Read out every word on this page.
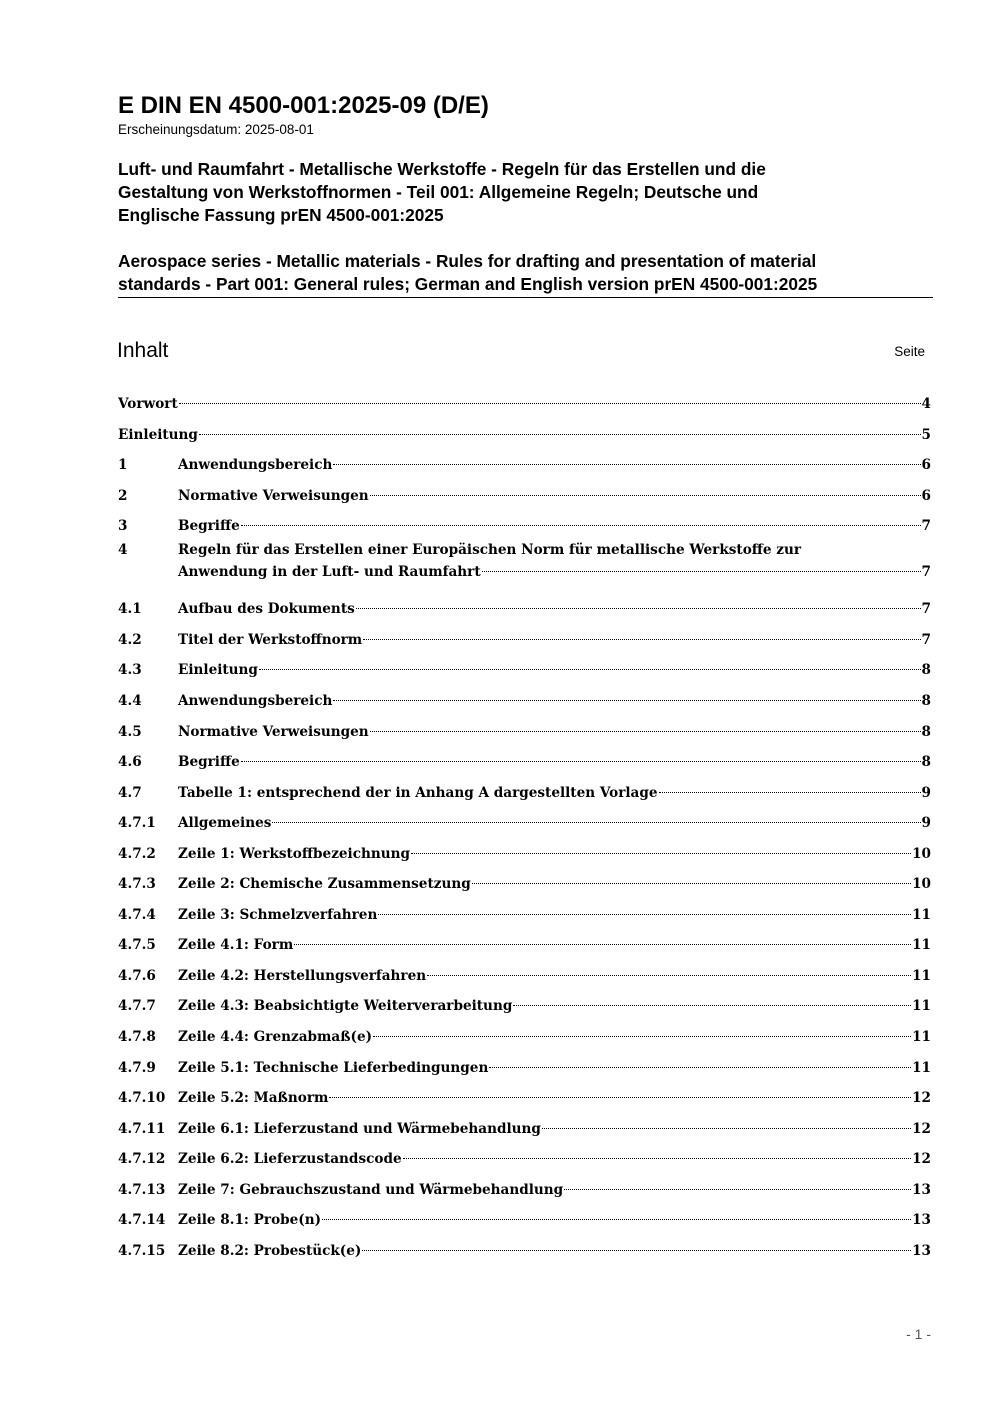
E DIN EN 4500-001:2025-09 (D/E)
Erscheinungsdatum: 2025-08-01
Luft- und Raumfahrt - Metallische Werkstoffe - Regeln für das Erstellen und die
Gestaltung von Werkstoffnormen - Teil 001: Allgemeine Regeln; Deutsche und
Englische Fassung prEN 4500-001:2025
Aerospace series - Metallic materials - Rules for drafting and presentation of material
standards - Part 001: General rules; German and English version prEN 4500-001:2025
Inhalt	Seite
Vorwort	4
Einleitung	5
1	Anwendungsbereich	6
2	Normative Verweisungen	6
3	Begriffe	7
4	Regeln für das Erstellen einer Europäischen Norm für metallische Werkstoffe zur
Anwendung in der Luft- und Raumfahrt	7
4.1	Aufbau des Dokuments	7
4.2	Titel der Werkstoffnorm	7
4.3	Einleitung	8
4.4	Anwendungsbereich	8
4.5	Normative Verweisungen	8
4.6	Begriffe	8
4.7	Tabelle 1: entsprechend der in Anhang A dargestellten Vorlage	9
4.7.1 Allgemeines	9
4.7.2 Zeile 1: Werkstoffbezeichnung	10
4.7.3 Zeile 2: Chemische Zusammensetzung	10
4.7.4 Zeile 3: Schmelzverfahren	11
4.7.5 Zeile 4.1: Form	11
4.7.6 Zeile 4.2: Herstellungsverfahren	11
4.7.7 Zeile 4.3: Beabsichtigte Weiterverarbeitung	11
4.7.8 Zeile 4.4: Grenzabmaß(e)	11
4.7.9 Zeile 5.1: Technische Lieferbedingungen	11
4.7.10 Zeile 5.2: Maßnorm	12
4.7.11 Zeile 6.1: Lieferzustand und Wärmebehandlung	12
4.7.12 Zeile 6.2: Lieferzustandscode	12
4.7.13 Zeile 7: Gebrauchszustand und Wärmebehandlung	13
4.7.14 Zeile 8.1: Probe(n)	13
4.7.15 Zeile 8.2: Probestück(e)	13
- 1 -
